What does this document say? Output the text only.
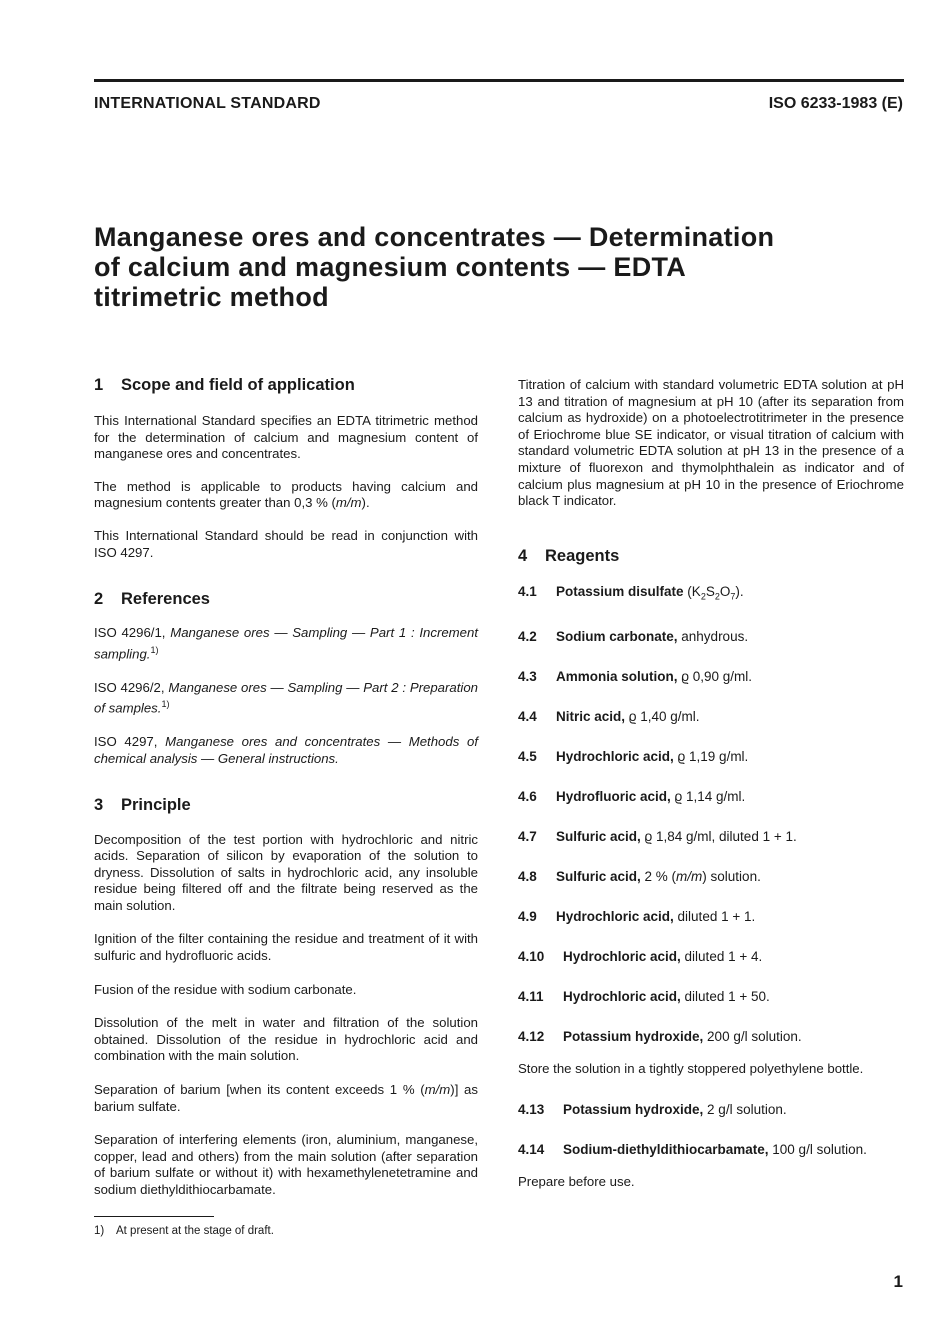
INTERNATIONAL STANDARD	ISO 6233-1983 (E)
Manganese ores and concentrates — Determination
of calcium and magnesium contents — EDTA
titrimetric method
1 Scope and field of application

This International Standard specifies an EDTA titrimetric method for the determination of calcium and magnesium content of manganese ores and concentrates.

The method is applicable to products having calcium and magnesium contents greater than 0,3 % (m/m).

This International Standard should be read in conjunction with ISO 4297.

2 References

ISO 4296/1, Manganese ores — Sampling — Part 1 : Increment sampling.$^{1)}$

ISO 4296/2, Manganese ores — Sampling — Part 2 : Preparation of samples.$^{1)}$

ISO 4297, Manganese ores and concentrates — Methods of chemical analysis — General instructions.

3 Principle

Decomposition of the test portion with hydrochloric and nitric acids. Separation of silicon by evaporation of the solution to dryness. Dissolution of salts in hydrochloric acid, any insoluble residue being filtered off and the filtrate being reserved as the main solution.

Ignition of the filter containing the residue and treatment of it with sulfuric and hydrofluoric acids.

Fusion of the residue with sodium carbonate.

Dissolution of the melt in water and filtration of the solution obtained. Dissolution of the residue in hydrochloric acid and combination with the main solution.

Separation of barium [when its content exceeds 1 % (m/m)] as barium sulfate.

Separation of interfering elements (iron, aluminium, manganese, copper, lead and others) from the main solution (after separation of barium sulfate or without it) with hexamethylenetetramine and sodium diethyldithiocarbamate.

Titration of calcium with standard volumetric EDTA solution at pH 13 and titration of magnesium at pH 10 (after its separation from calcium as hydroxide) on a photoelectrotitrimeter in the presence of Eriochrome blue SE indicator, or visual titration of calcium with standard volumetric EDTA solution at pH 13 in the presence of a mixture of fluorexon and thymolphthalein as indicator and of calcium plus magnesium at pH 10 in the presence of Eriochrome black T indicator.

4 Reagents
4.1	Potassium disulfate $(K_2S_2O_7)$.
4.2	Sodium carbonate, anhydrous.
4.3	Ammonia solution, ϱ 0,90 g/ml.
4.4	Nitric acid, ϱ 1,40 g/ml.
4.5	Hydrochloric acid, ϱ 1,19 g/ml.
4.6	Hydrofluoric acid, ϱ 1,14 g/ml.
4.7	Sulfuric acid, ϱ 1,84 g/ml, diluted 1 + 1.
4.8	Sulfuric acid, 2 % (m/m) solution.
4.9	Hydrochloric acid, diluted 1 + 1.
4.10	Hydrochloric acid, diluted 1 + 4.
4.11	Hydrochloric acid, diluted 1 + 50.
4.12	Potassium hydroxide, 200 g/l solution.

Store the solution in a tightly stoppered polyethylene bottle.

4.13	Potassium hydroxide, 2 g/l solution.
4.14	Sodium-diethyldithiocarbamate, 100 g/l solution.

Prepare before use.

1) At present at the stage of draft.
1
